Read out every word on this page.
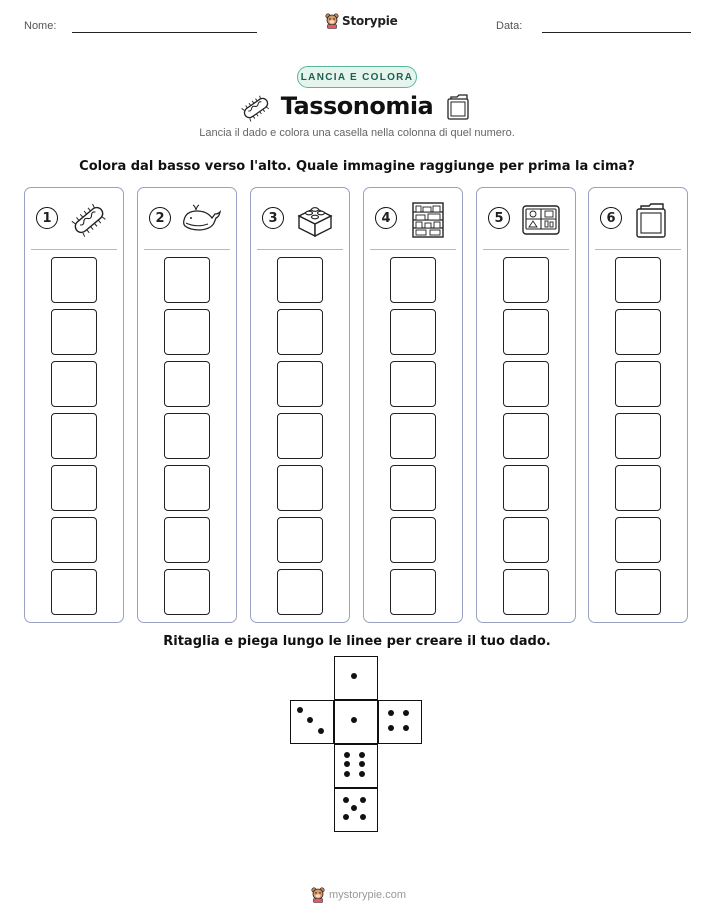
Nome:	Storypie	Data:
LANCIA E COLORA
Tassonomia
Lancia il dado e colora una casella nella colonna di quel numero.
Colora dal basso verso l'alto. Quale immagine raggiunge per prima la cima?
1	2	3	4	5	6
Ritaglia e piega lungo le linee per creare il tuo dado.
mystorypie.com
